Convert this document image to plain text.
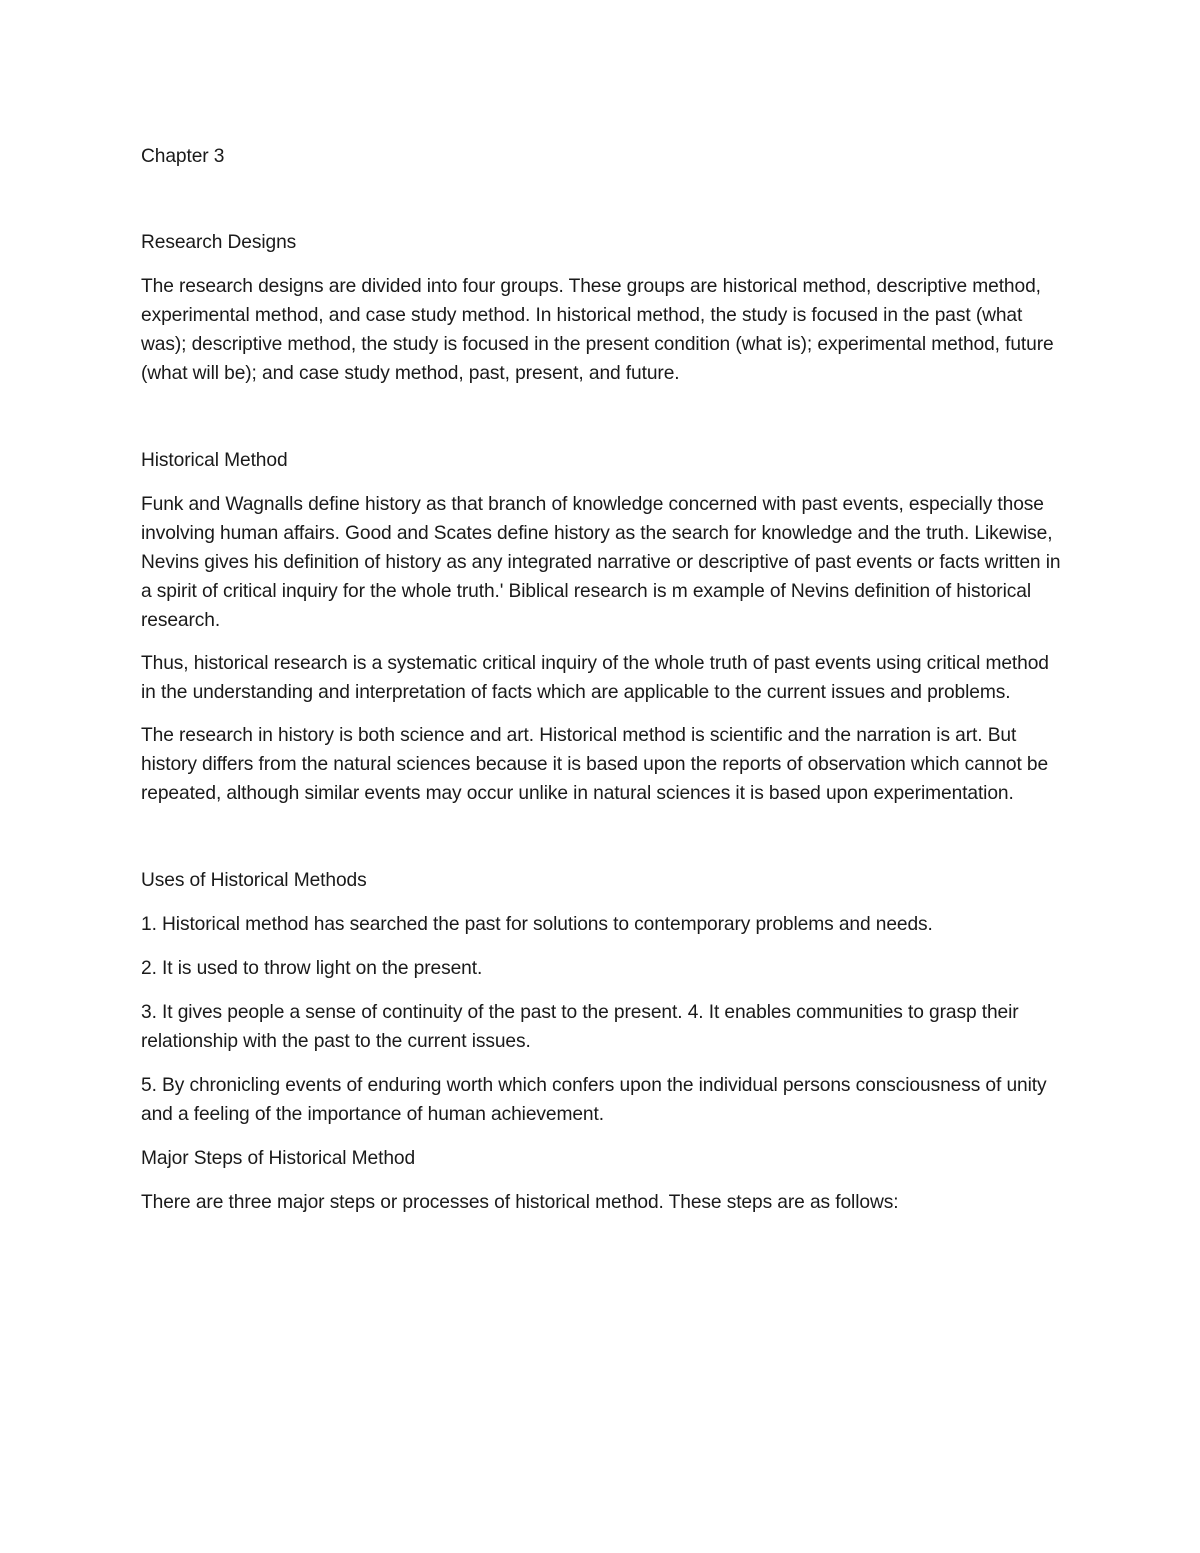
Chapter 3
Research Designs

The research designs are divided into four groups. These groups are historical method, descriptive method, experimental method, and case study method. In historical method, the study is focused in the past (what was); descriptive method, the study is focused in the present condition (what is); experimental method, future (what will be); and case study method, past, present, and future.

Historical Method

Funk and Wagnalls define history as that branch of knowledge concerned with past events, especially those involving human affairs. Good and Scates define history as the search for knowledge and the truth. Likewise, Nevins gives his definition of history as any integrated narrative or descriptive of past events or facts written in a spirit of critical inquiry for the whole truth.' Biblical research is m example of Nevins definition of historical research.

Thus, historical research is a systematic critical inquiry of the whole truth of past events using critical method in the understanding and interpretation of facts which are applicable to the current issues and problems.

The research in history is both science and art. Historical method is scientific and the narration is art. But history differs from the natural sciences because it is based upon the reports of observation which cannot be repeated, although similar events may occur unlike in natural sciences it is based upon experimentation.

Uses of Historical Methods

1. Historical method has searched the past for solutions to contemporary problems and needs.

2. It is used to throw light on the present.

3. It gives people a sense of continuity of the past to the present. 4. It enables communities to grasp their relationship with the past to the current issues.

5. By chronicling events of enduring worth which confers upon the individual persons consciousness of unity and a feeling of the importance of human achievement.

Major Steps of Historical Method

There are three major steps or processes of historical method. These steps are as follows:
